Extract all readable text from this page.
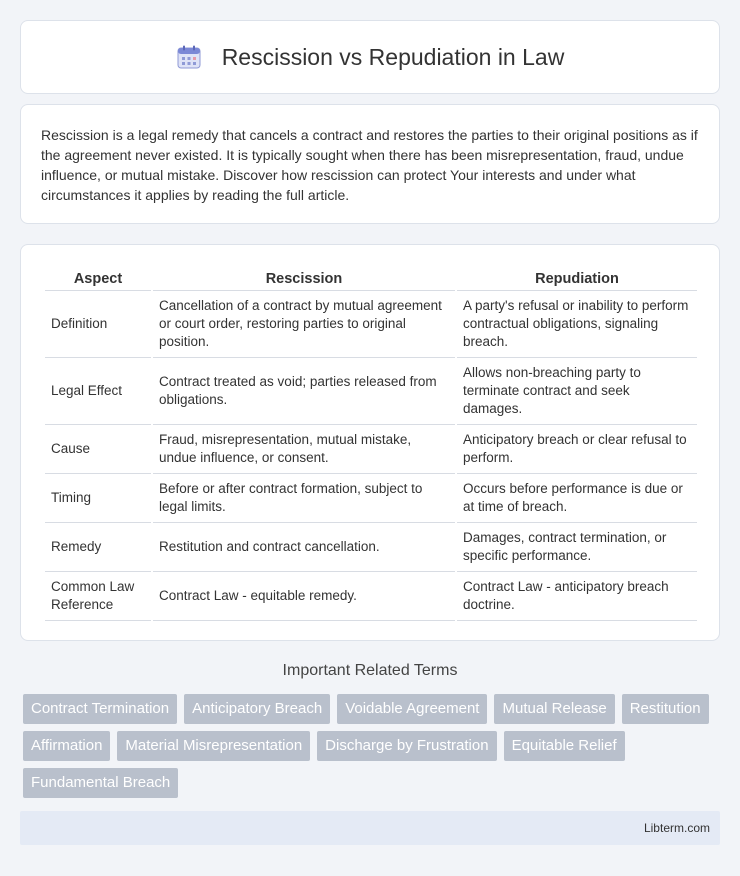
Rescission vs Repudiation in Law

Rescission is a legal remedy that cancels a contract and restores the parties to their original positions as if the agreement never existed. It is typically sought when there has been misrepresentation, fraud, undue influence, or mutual mistake. Discover how rescission can protect Your interests and under what circumstances it applies by reading the full article.

Aspect	Rescission	Repudiation
Definition	Cancellation of a contract by mutual agreement or court order, restoring parties to original position.	A party's refusal or inability to perform contractual obligations, signaling breach.
Legal Effect	Contract treated as void; parties released from obligations.	Allows non-breaching party to terminate contract and seek damages.
Cause	Fraud, misrepresentation, mutual mistake, undue influence, or consent.	Anticipatory breach or clear refusal to perform.
Timing	Before or after contract formation, subject to legal limits.	Occurs before performance is due or at time of breach.
Remedy	Restitution and contract cancellation.	Damages, contract termination, or specific performance.
Common Law Reference	Contract Law - equitable remedy.	Contract Law - anticipatory breach doctrine.
Important Related Terms
Contract Termination	Anticipatory Breach	Voidable Agreement	Mutual Release	Restitution
Affirmation	Material Misrepresentation	Discharge by Frustration	Equitable Relief
Fundamental Breach
Libterm.com
